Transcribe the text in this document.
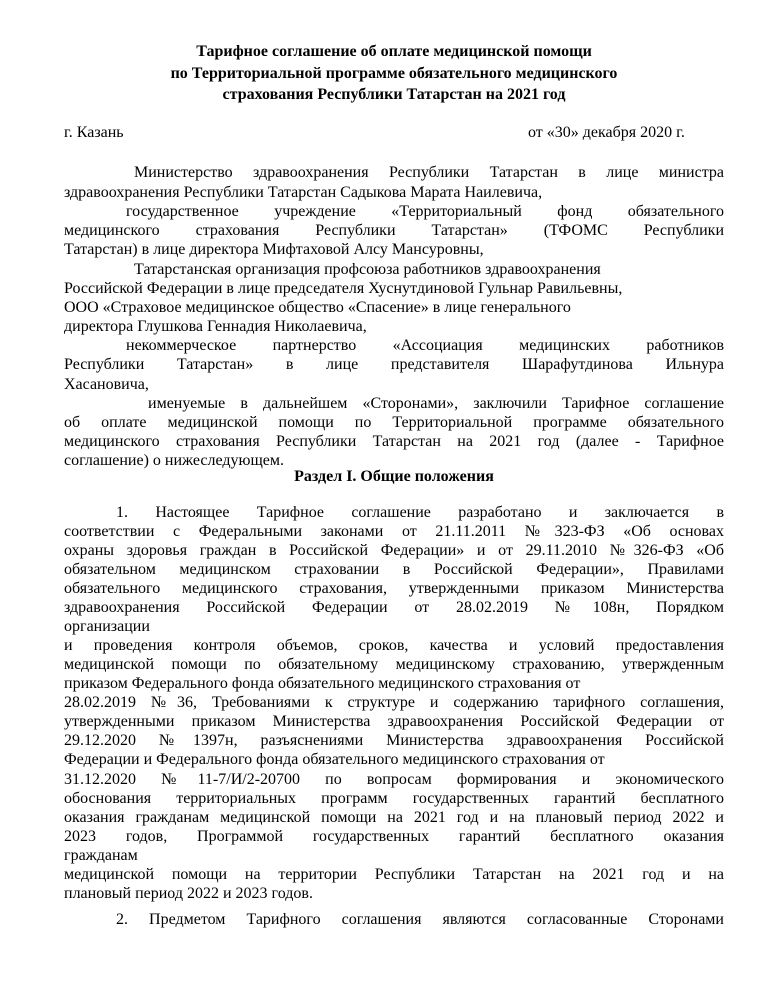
Тарифное соглашение об оплате медицинской помощи
по Территориальной программе обязательного медицинского
страхования Республики Татарстан на 2021 год
г. Казань	от «30» декабря 2020 г.
Министерство здравоохранения Республики Татарстан в лице министра
здравоохранения Республики Татарстан Садыкова Марата Наилевича,
государственное учреждение «Территориальный фонд обязательного
медицинского страхования Республики Татарстан» (ТФОМС Республики
Татарстан) в лице директора Мифтаховой Алсу Мансуровны,
Татарстанская организация профсоюза работников здравоохранения
Российской Федерации в лице председателя Хуснутдиновой Гульнар Равильевны,
ООО «Страховое медицинское общество «Спасение» в лице генерального
директора Глушкова Геннадия Николаевича,
некоммерческое партнерство «Ассоциация медицинских работников
Республики Татарстан» в лице представителя Шарафутдинова Ильнура
Хасановича,
именуемые в дальнейшем «Сторонами», заключили Тарифное соглашение
об оплате медицинской помощи по Территориальной программе обязательного
медицинского страхования Республики Татарстан на 2021 год (далее - Тарифное
соглашение) о нижеследующем.
Раздел I. Общие положения
1. Настоящее Тарифное соглашение разработано и заключается в
соответствии с Федеральными законами от 21.11.2011 №323-ФЗ «Об основах
охраны здоровья граждан в Российской Федерации» и от 29.11.2010 №326-ФЗ «Об
обязательном медицинском страховании в Российской Федерации», Правилами
обязательного медицинского страхования, утвержденными приказом Министерства
здравоохранения Российской Федерации от 28.02.2019 №108н, Порядком
организации
и проведения контроля объемов, сроков, качества и условий предоставления
медицинской помощи по обязательному медицинскому страхованию, утвержденным
приказом Федерального фонда обязательного медицинского страхования от
28.02.2019 №36, Требованиями к структуре и содержанию тарифного соглашения,
утвержденными приказом Министерства здравоохранения Российской Федерации от
29.12.2020 №1397н, разъяснениями Министерства здравоохранения Российской
Федерации и Федерального фонда обязательного медицинского страхования от
31.12.2020 №11-7/И/2-20700 по вопросам формирования и экономического
обоснования территориальных программ государственных гарантий бесплатного
оказания гражданам медицинской помощи на 2021 год и на плановый период 2022 и
2023 годов, Программой государственных гарантий бесплатного оказания
гражданам
медицинской помощи на территории Республики Татарстан на 2021 год и на
плановый период 2022 и 2023 годов.
2. Предметом Тарифного соглашения являются согласованные Сторонами
